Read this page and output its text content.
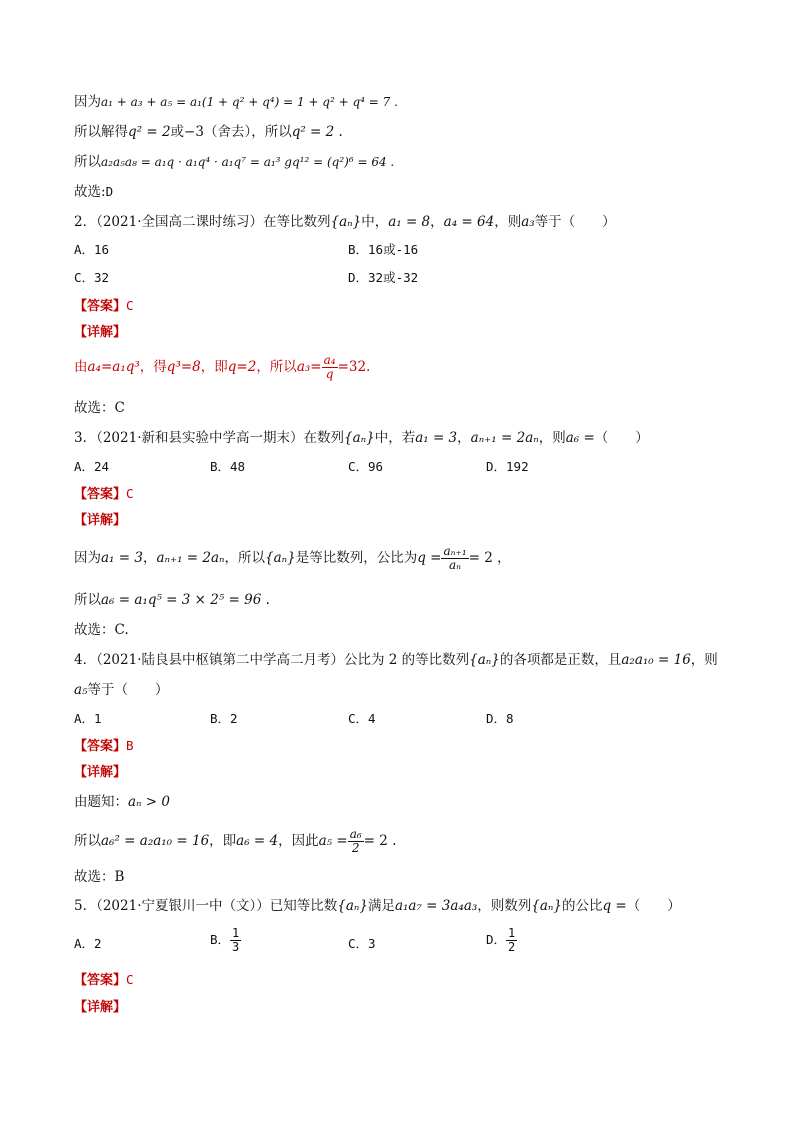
因为a₁ + a₃ + a₅ = a₁(1 + q² + q⁴) = 1 + q² + q⁴ = 7 .
所以解得q² = 2或−3（舍去），所以q² = 2 .
所以a₂a₅a₈ = a₁q · a₁q⁴ · a₁q⁷ = a₁³ gq¹² = (q²)⁶ = 64 .
故选:D
2．（2021·全国高二课时练习）在等比数列{aₙ}中，a₁ = 8，a₄ = 64，则a₃等于（　　）
A．16	B．16或-16
C．32	D．32或-32
【答案】C
【详解】
由a₄=a₁q³，得q³=8，即q=2，所以$a_3= \frac{\text{a₄}}{q} =32$.
故选：C
3．（2021·新和县实验中学高一期末）在数列{aₙ}中，若a₁ = 3，aₙ₊₁ = 2aₙ，则a₆ =（　　）
A．24	B．48	C．96	D．192
【答案】C
【详解】
因为a₁ = 3，aₙ₊₁ = 2aₙ，所以{aₙ}是等比数列，公比为$q = \frac{\text{aₙ₊₁}}{\text{aₙ}} = 2$ ，
所以a₆ = a₁q⁵ = 3 × 2⁵ = 96 .
故选：C.
4．（2021·陆良县中枢镇第二中学高二月考）公比为 2 的等比数列{aₙ}的各项都是正数，且a₂a₁₀ = 16，则
a₅等于（　　）
A．1	B．2	C．4	D．8
【答案】B
【详解】
由题知：aₙ > 0
所以a₆² = a₂a₁₀ = 16，即a₆ = 4，因此$a_5 = \frac{\text{a₆}}{2} = 2$ .
故选：B
5．（2021·宁夏银川一中（文））已知等比数{aₙ}满足a₁a₇ = 3a₄a₃，则数列{aₙ}的公比q =（　　）
A．2	B． $\frac{1}{3}$	C．3	D． $\frac{1}{2}$
【答案】C
【详解】
